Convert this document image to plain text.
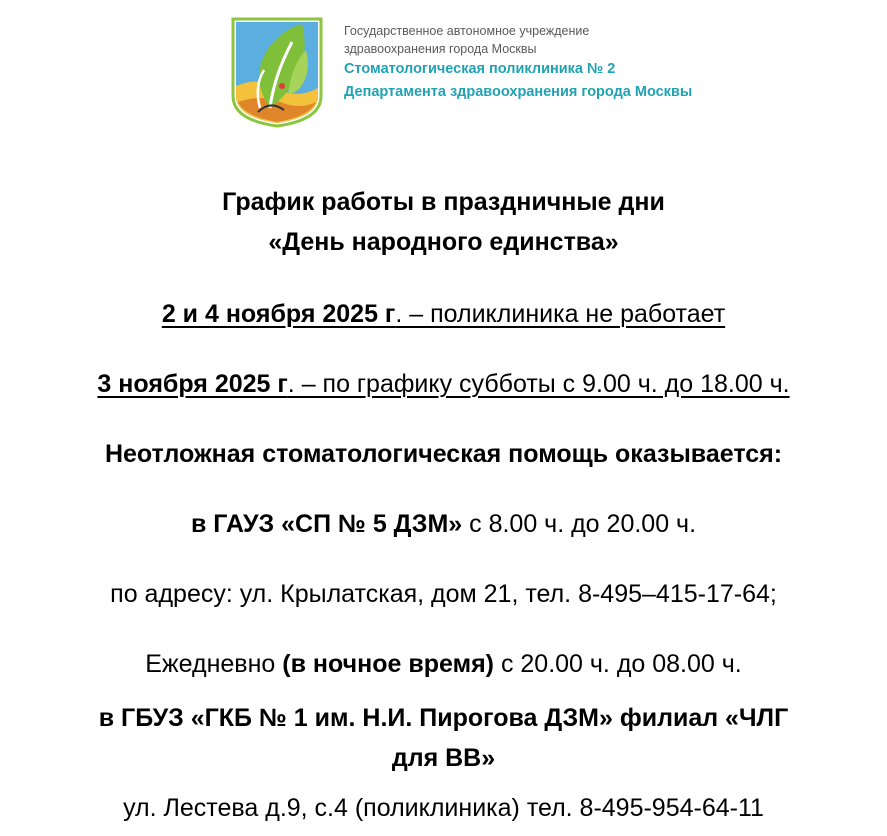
Государственное автономное учреждение
здравоохранения города Москвы
Стоматологическая поликлиника № 2
Департамента здравоохранения города Москвы
График работы в праздничные дни
«День народного единства»
2 и 4 ноября 2025 г. – поликлиника не работает
3 ноября 2025 г. – по графику субботы с 9.00 ч. до 18.00 ч.
Неотложная стоматологическая помощь оказывается:
в ГАУЗ «СП № 5 ДЗМ» с 8.00 ч. до 20.00 ч.
по адресу: ул. Крылатская, дом 21, тел. 8-495–415-17-64;
Ежедневно (в ночное время) с 20.00 ч. до 08.00 ч.
в ГБУЗ «ГКБ № 1 им. Н.И. Пирогова ДЗМ» филиал «ЧЛГ
для ВВ»
ул. Лестева д.9, с.4 (поликлиника) тел. 8-495-954-64-11
